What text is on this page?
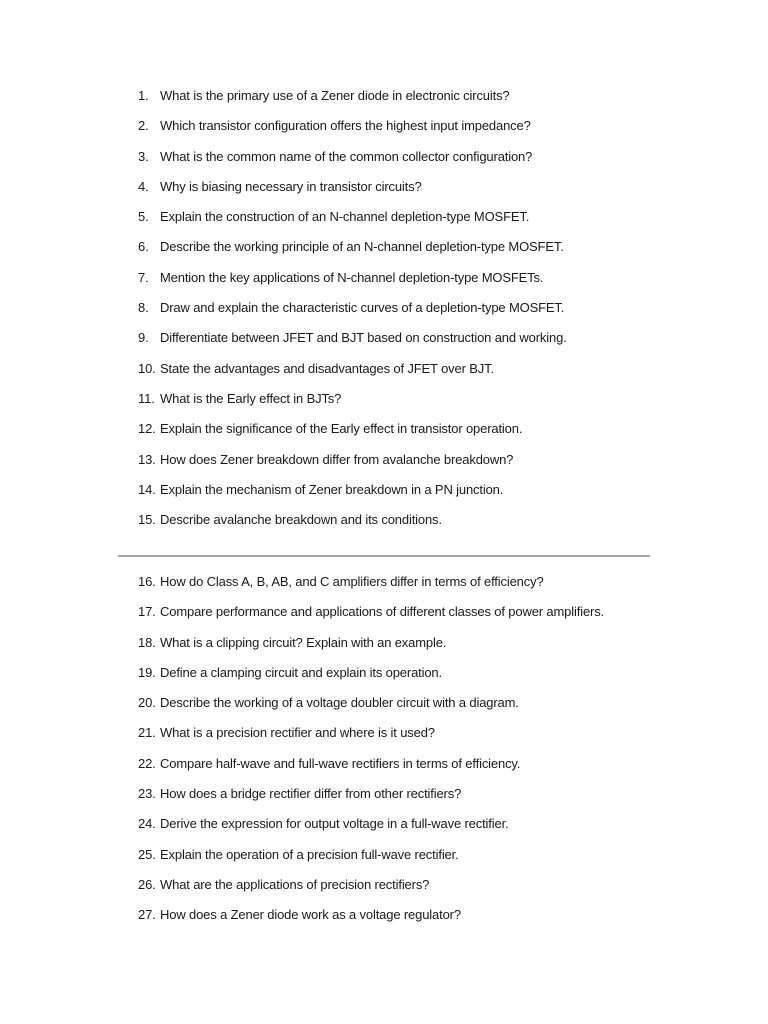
1. What is the primary use of a Zener diode in electronic circuits?
2. Which transistor configuration offers the highest input impedance?
3. What is the common name of the common collector configuration?
4. Why is biasing necessary in transistor circuits?
5. Explain the construction of an N-channel depletion-type MOSFET.
6. Describe the working principle of an N-channel depletion-type MOSFET.
7. Mention the key applications of N-channel depletion-type MOSFETs.
8. Draw and explain the characteristic curves of a depletion-type MOSFET.
9. Differentiate between JFET and BJT based on construction and working.
10. State the advantages and disadvantages of JFET over BJT.
11. What is the Early effect in BJTs?
12. Explain the significance of the Early effect in transistor operation.
13. How does Zener breakdown differ from avalanche breakdown?
14. Explain the mechanism of Zener breakdown in a PN junction.
15. Describe avalanche breakdown and its conditions.
16. How do Class A, B, AB, and C amplifiers differ in terms of efficiency?
17. Compare performance and applications of different classes of power amplifiers.
18. What is a clipping circuit? Explain with an example.
19. Define a clamping circuit and explain its operation.
20. Describe the working of a voltage doubler circuit with a diagram.
21. What is a precision rectifier and where is it used?
22. Compare half-wave and full-wave rectifiers in terms of efficiency.
23. How does a bridge rectifier differ from other rectifiers?
24. Derive the expression for output voltage in a full-wave rectifier.
25. Explain the operation of a precision full-wave rectifier.
26. What are the applications of precision rectifiers?
27. How does a Zener diode work as a voltage regulator?
